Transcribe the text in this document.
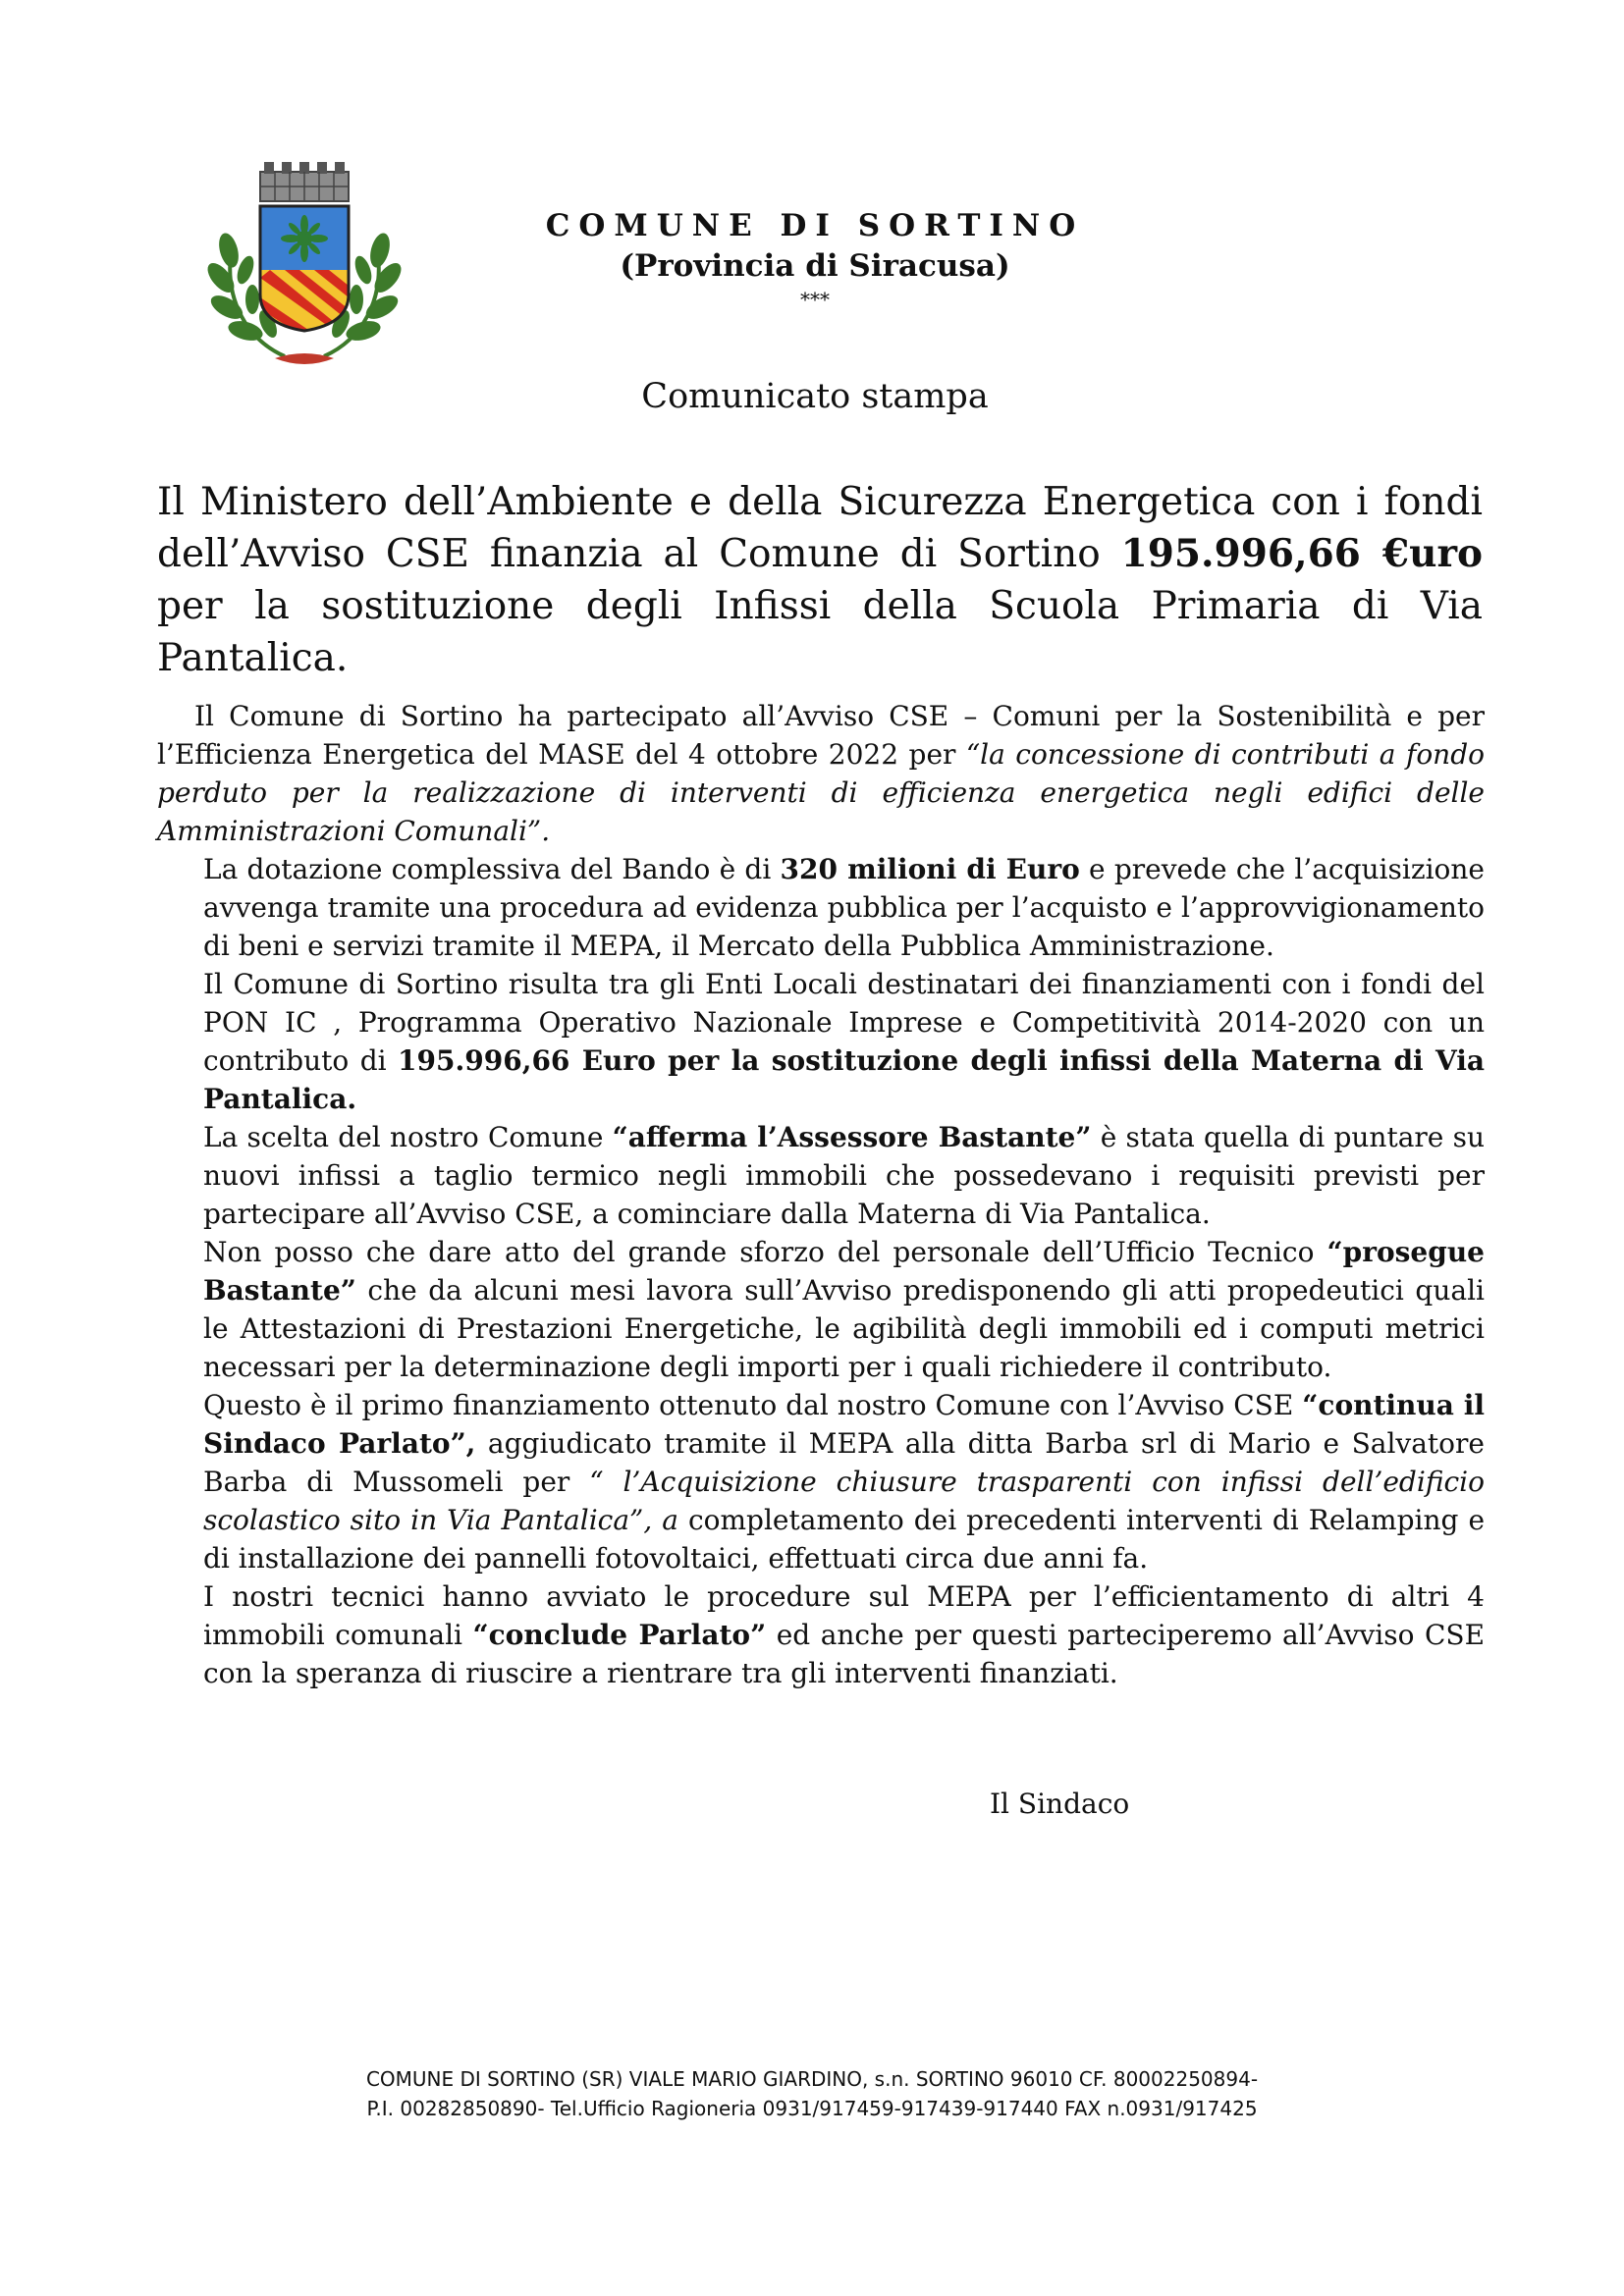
COMUNE DI SORTINO
(Provincia di Siracusa)
***
Comunicato stampa
Il Ministero dell’Ambiente e della Sicurezza Energetica con i fondi dell’Avviso CSE finanzia al Comune di Sortino 195.996,66 €uro per la sostituzione degli Infissi della Scuola Primaria di Via Pantalica.

Il Comune di Sortino ha partecipato all’Avviso CSE – Comuni per la Sostenibilità e per l’Efficienza Energetica del MASE del 4 ottobre 2022 per “la concessione di contributi a fondo perduto per la realizzazione di interventi di efficienza energetica negli edifici delle Amministrazioni Comunali”.

La dotazione complessiva del Bando è di 320 milioni di Euro e prevede che l’acquisizione avvenga tramite una procedura ad evidenza pubblica per l’acquisto e l’approvvigionamento di beni e servizi tramite il MEPA, il Mercato della Pubblica Amministrazione.

Il Comune di Sortino risulta tra gli Enti Locali destinatari dei finanziamenti con i fondi del PON IC , Programma Operativo Nazionale Imprese e Competitività 2014-2020 con un contributo di 195.996,66 Euro per la sostituzione degli infissi della Materna di Via Pantalica.

La scelta del nostro Comune “afferma l’Assessore Bastante” è stata quella di puntare su nuovi infissi a taglio termico negli immobili che possedevano i requisiti previsti per partecipare all’Avviso CSE, a cominciare dalla Materna di Via Pantalica.

Non posso che dare atto del grande sforzo del personale dell’Ufficio Tecnico “prosegue Bastante” che da alcuni mesi lavora sull’Avviso predisponendo gli atti propedeutici quali le Attestazioni di Prestazioni Energetiche, le agibilità degli immobili ed i computi metrici necessari per la determinazione degli importi per i quali richiedere il contributo.

Questo è il primo finanziamento ottenuto dal nostro Comune con l’Avviso CSE “continua il Sindaco Parlato”, aggiudicato tramite il MEPA alla ditta Barba srl di Mario e Salvatore Barba di Mussomeli per “ l’Acquisizione chiusure trasparenti con infissi dell’edificio scolastico sito in Via Pantalica”, a completamento dei precedenti interventi di Relamping e di installazione dei pannelli fotovoltaici, effettuati circa due anni fa.

I nostri tecnici hanno avviato le procedure sul MEPA per l’efficientamento di altri 4 immobili comunali “conclude Parlato” ed anche per questi parteciperemo all’Avviso CSE con la speranza di riuscire a rientrare tra gli interventi finanziati.

Il Sindaco
COMUNE DI SORTINO (SR) VIALE MARIO GIARDINO, s.n. SORTINO 96010 CF. 80002250894-
P.I. 00282850890- Tel.Ufficio Ragioneria 0931/917459-917439-917440 FAX n.0931/917425
